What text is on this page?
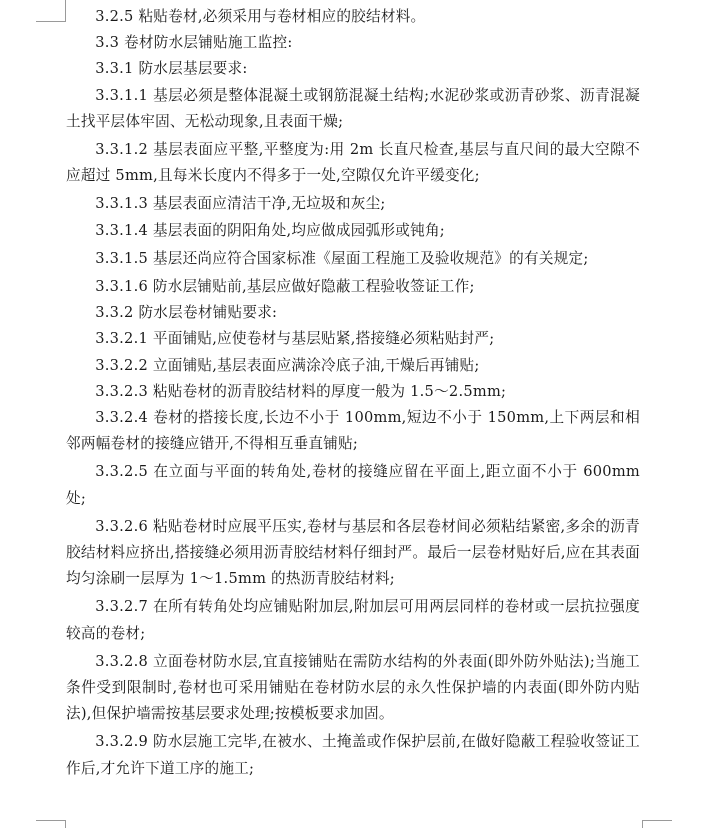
3.2.5 粘贴卷材,必须采用与卷材相应的胶结材料。

3.3 卷材防水层铺贴施工监控:

3.3.1 防水层基层要求:

3.3.1.1 基层必须是整体混凝土或钢筋混凝土结构;水泥砂浆或沥青砂浆、沥青混凝土找平层体牢固、无松动现象,且表面干燥;

3.3.1.2 基层表面应平整,平整度为:用 2m 长直尺检查,基层与直尺间的最大空隙不应超过 5mm,且每米长度内不得多于一处,空隙仅允许平缓变化;

3.3.1.3 基层表面应清洁干净,无垃圾和灰尘;

3.3.1.4 基层表面的阴阳角处,均应做成园弧形或钝角;

3.3.1.5 基层还尚应符合国家标准《屋面工程施工及验收规范》的有关规定;

3.3.1.6 防水层铺贴前,基层应做好隐蔽工程验收签证工作;

3.3.2 防水层卷材铺贴要求:

3.3.2.1 平面铺贴,应使卷材与基层贴紧,搭接缝必须粘贴封严;

3.3.2.2 立面铺贴,基层表面应满涂冷底子油,干燥后再铺贴;

3.3.2.3 粘贴卷材的沥青胶结材料的厚度一般为 1.5～2.5mm;

3.3.2.4 卷材的搭接长度,长边不小于 100mm,短边不小于 150mm,上下两层和相邻两幅卷材的接缝应错开,不得相互垂直铺贴;

3.3.2.5 在立面与平面的转角处,卷材的接缝应留在平面上,距立面不小于 600mm 处;

3.3.2.6 粘贴卷材时应展平压实,卷材与基层和各层卷材间必须粘结紧密,多余的沥青胶结材料应挤出,搭接缝必须用沥青胶结材料仔细封严。最后一层卷材贴好后,应在其表面均匀涂刷一层厚为 1～1.5mm 的热沥青胶结材料;

3.3.2.7 在所有转角处均应铺贴附加层,附加层可用两层同样的卷材或一层抗拉强度较高的卷材;

3.3.2.8 立面卷材防水层,宜直接铺贴在需防水结构的外表面(即外防外贴法);当施工条件受到限制时,卷材也可采用铺贴在卷材防水层的永久性保护墙的内表面(即外防内贴法),但保护墙需按基层要求处理;按模板要求加固。

3.3.2.9 防水层施工完毕,在被水、土掩盖或作保护层前,在做好隐蔽工程验收签证工作后,才允许下道工序的施工;
